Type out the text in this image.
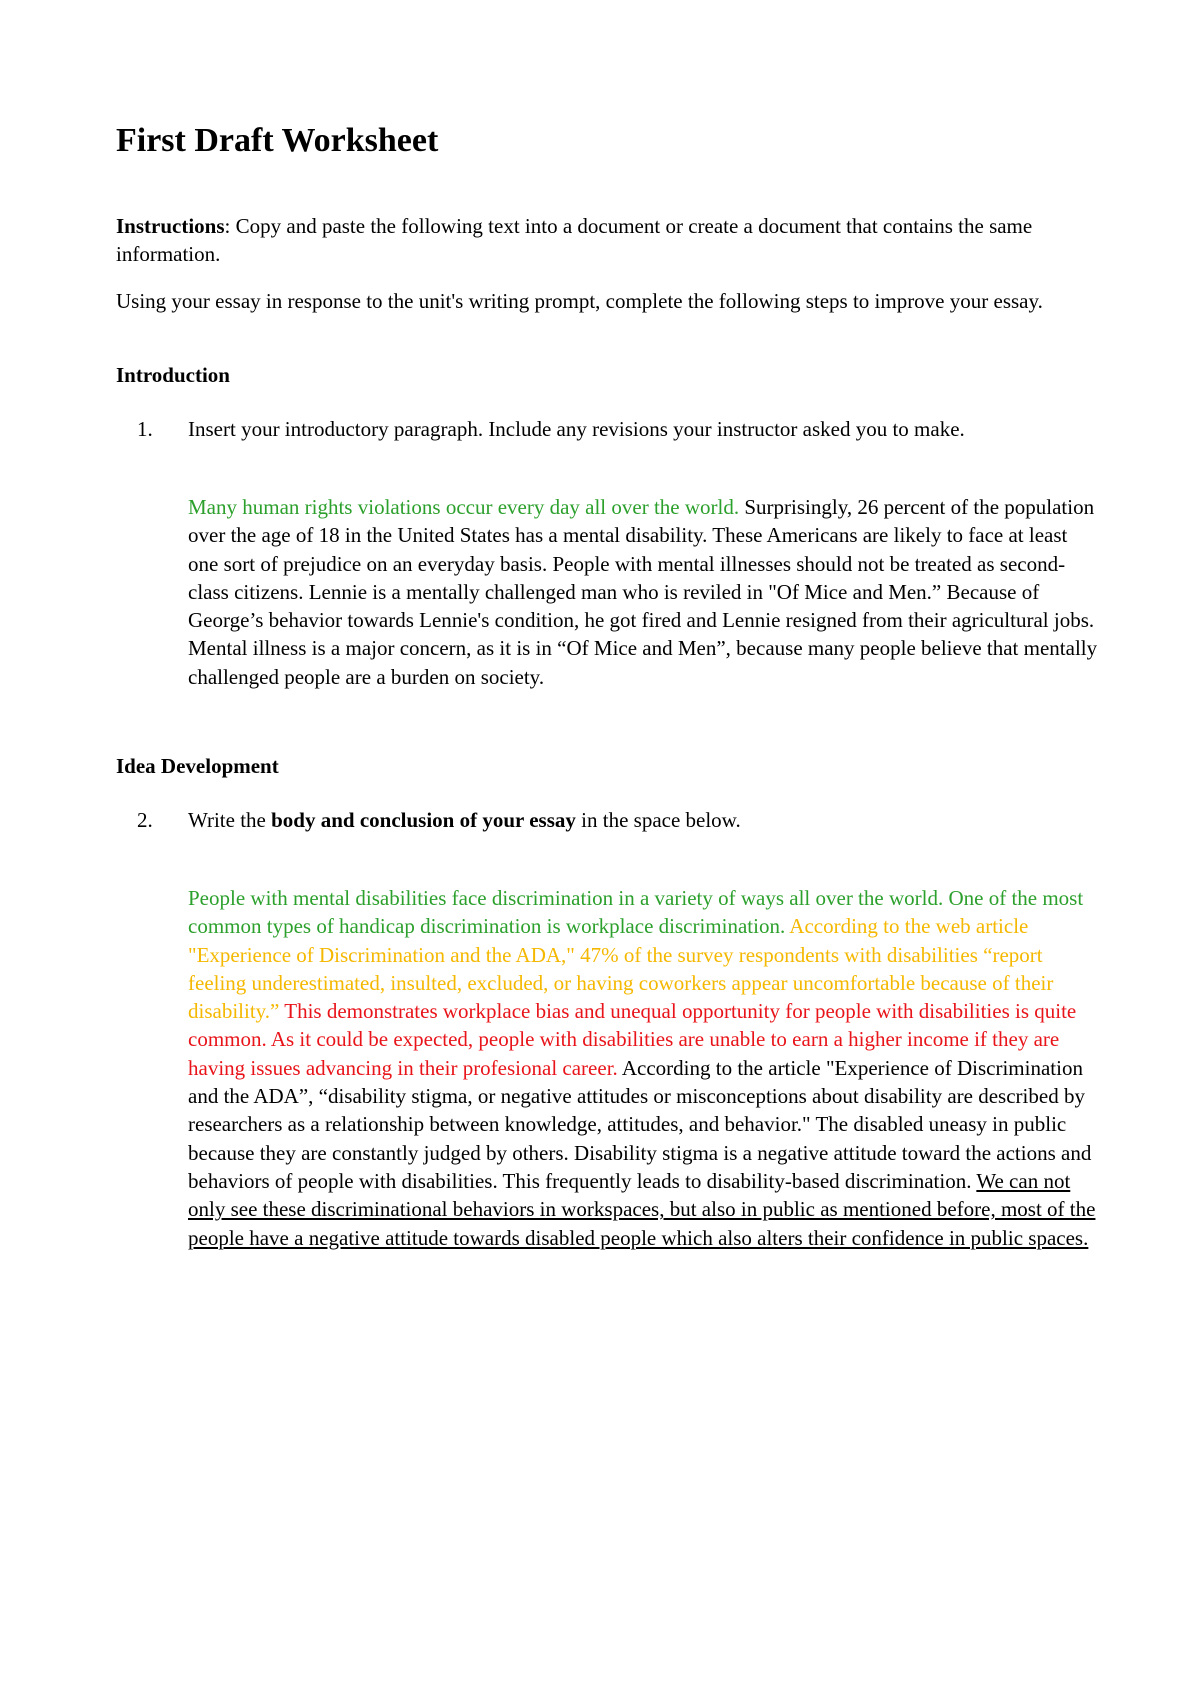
First Draft Worksheet

Instructions: Copy and paste the following text into a document or create a document that contains the same information.

Using your essay in response to the unit's writing prompt, complete the following steps to improve your essay.

Introduction
1. Insert your introductory paragraph. Include any revisions your instructor asked you to make.

Many human rights violations occur every day all over the world. Surprisingly, 26 percent of the population over the age of 18 in the United States has a mental disability. These Americans are likely to face at least one sort of prejudice on an everyday basis. People with mental illnesses should not be treated as second-class citizens. Lennie is a mentally challenged man who is reviled in "Of Mice and Men.” Because of George’s behavior towards Lennie's condition, he got fired and Lennie resigned from their agricultural jobs. Mental illness is a major concern, as it is in “Of Mice and Men”, because many people believe that mentally challenged people are a burden on society.

Idea Development
2. Write the body and conclusion of your essay in the space below.

People with mental disabilities face discrimination in a variety of ways all over the world. One of the most common types of handicap discrimination is workplace discrimination. According to the web article "Experience of Discrimination and the ADA," 47% of the survey respondents with disabilities “report feeling underestimated, insulted, excluded, or having coworkers appear uncomfortable because of their disability.” This demonstrates workplace bias and unequal opportunity for people with disabilities is quite common. As it could be expected, people with disabilities are unable to earn a higher income if they are having issues advancing in their profesional career. According to the article "Experience of Discrimination and the ADA”, “disability stigma, or negative attitudes or misconceptions about disability are described by researchers as a relationship between knowledge, attitudes, and behavior." The disabled uneasy in public because they are constantly judged by others. Disability stigma is a negative attitude toward the actions and behaviors of people with disabilities. This frequently leads to disability-based discrimination. We can not only see these discriminational behaviors in workspaces, but also in public as mentioned before, most of the people have a negative attitude towards disabled people which also alters their confidence in public spaces.
